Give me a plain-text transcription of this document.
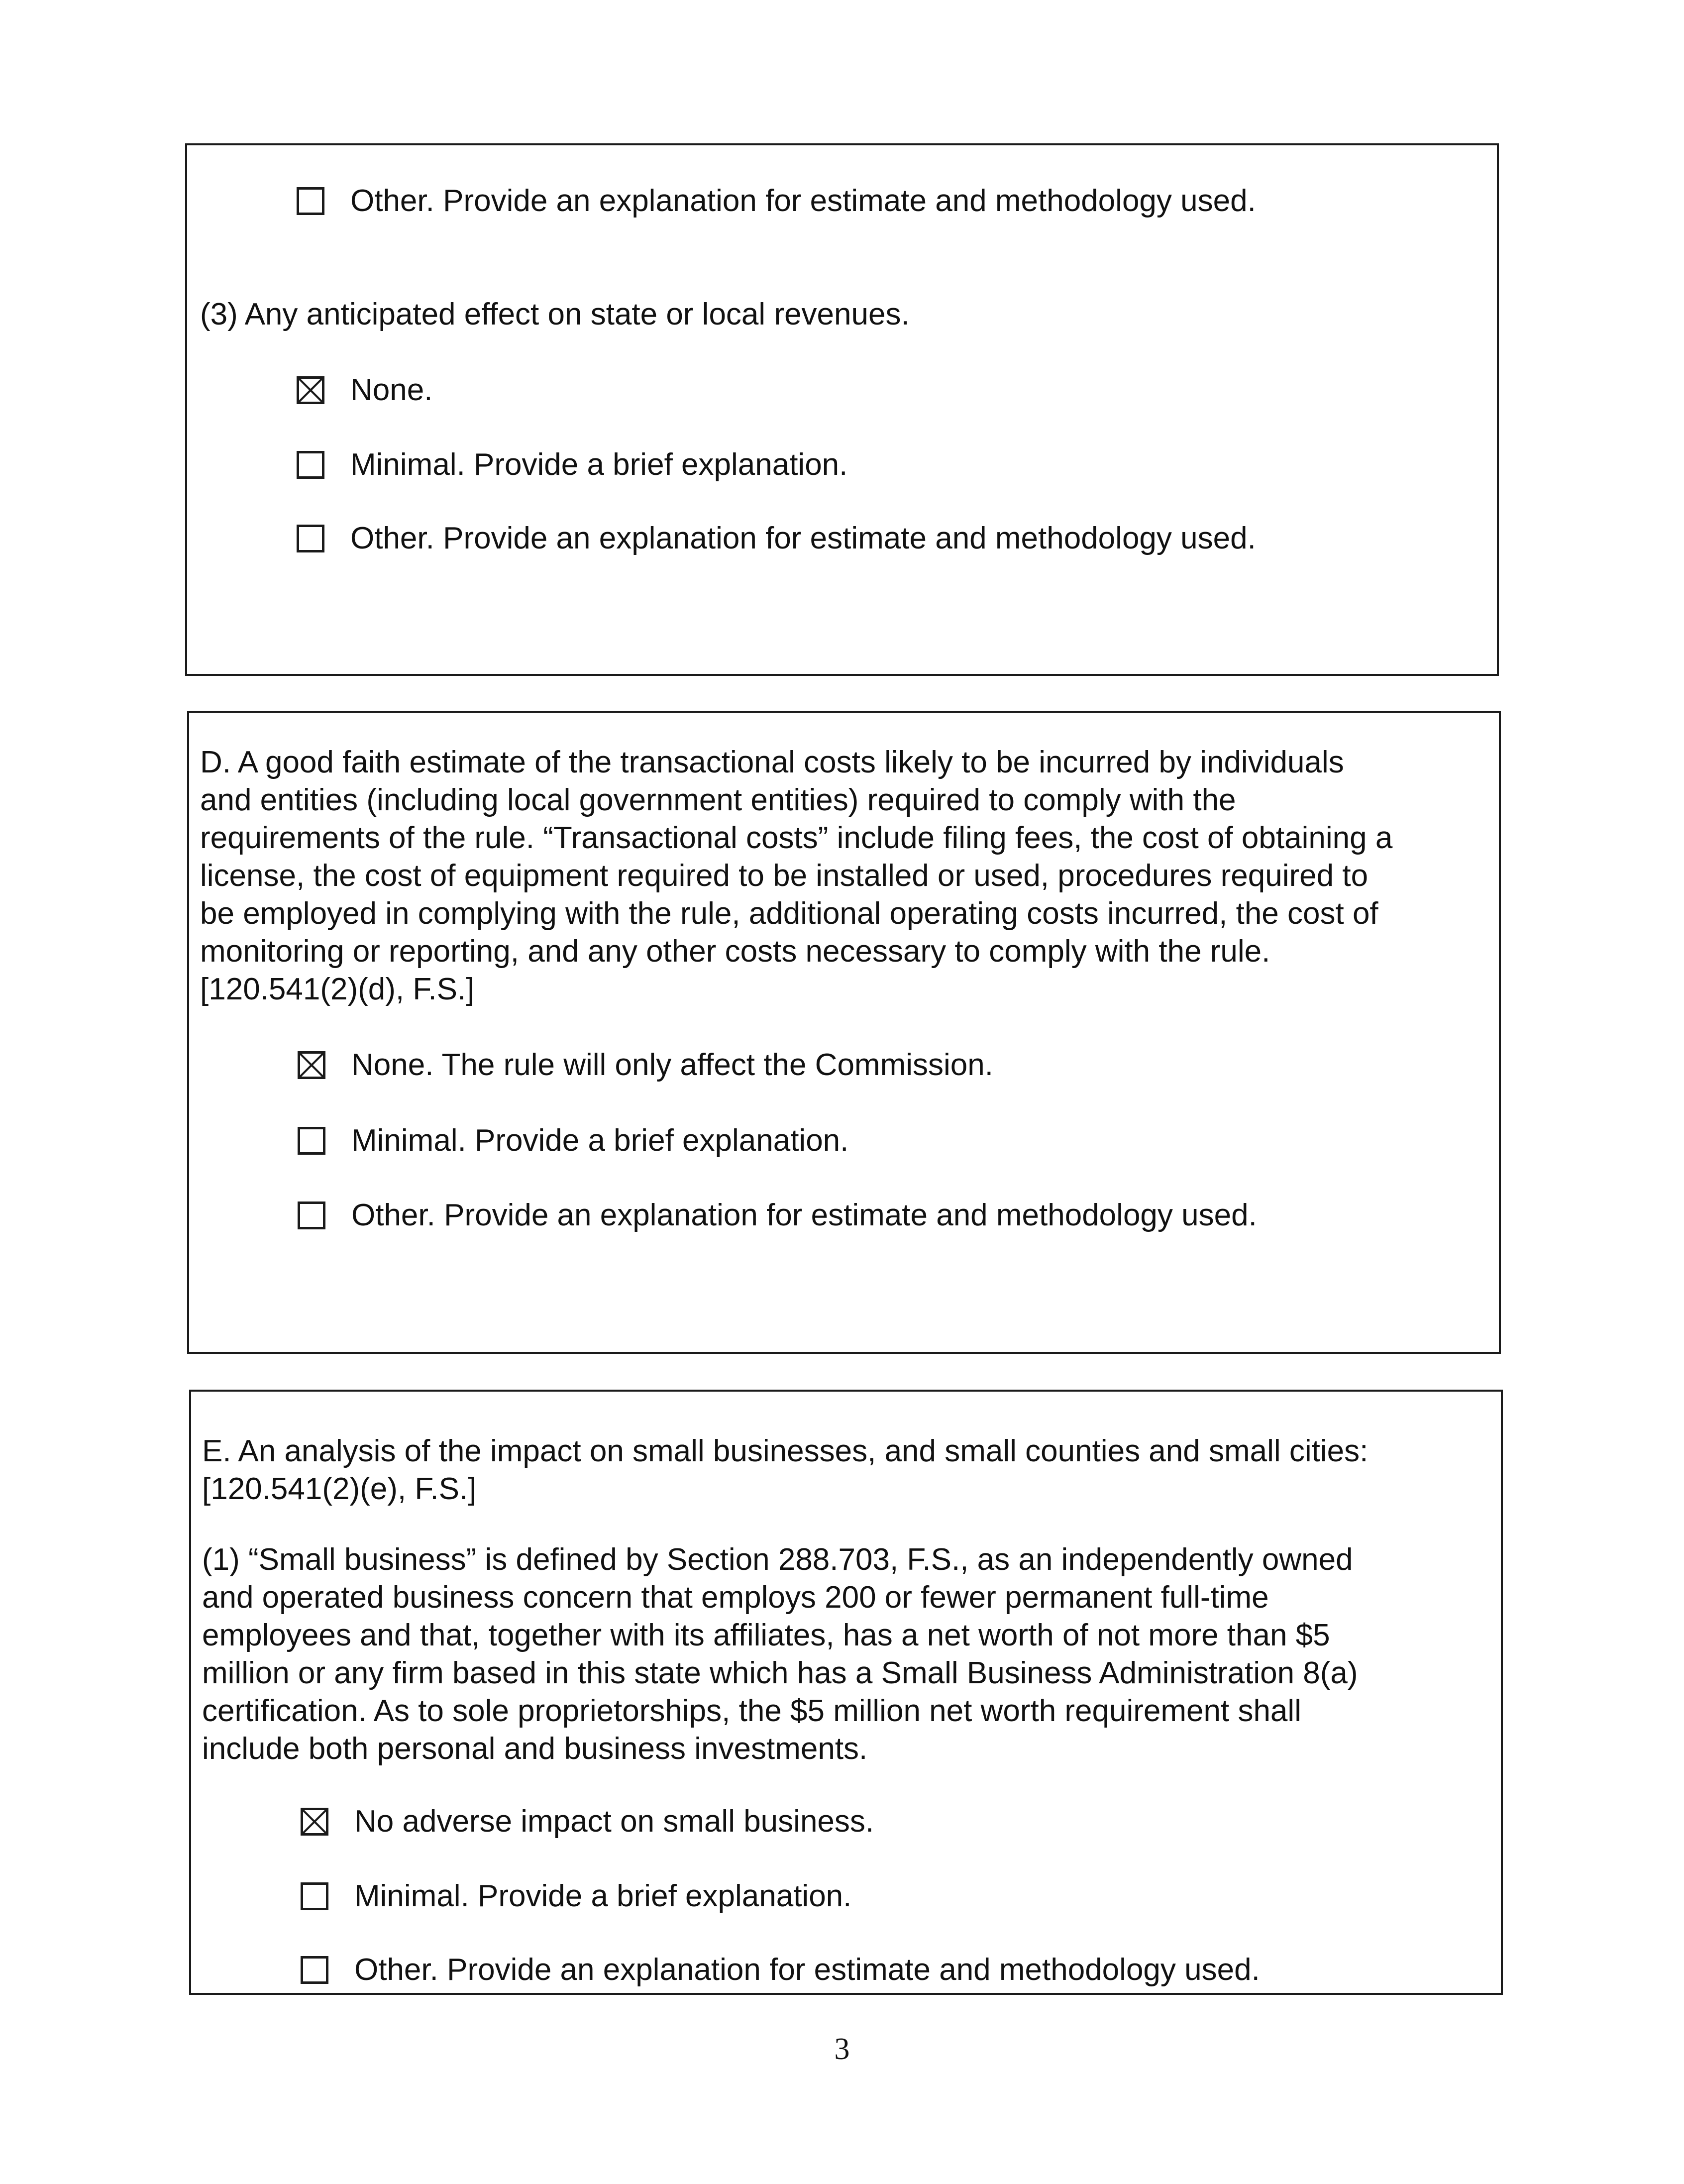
Other. Provide an explanation for estimate and methodology used.

(3) Any anticipated effect on state or local revenues.

None.
Minimal. Provide a brief explanation.
Other. Provide an explanation for estimate and methodology used.
D. A good faith estimate of the transactional costs likely to be incurred by individuals
and entities (including local government entities) required to comply with the
requirements of the rule. “Transactional costs” include filing fees, the cost of obtaining a
license, the cost of equipment required to be installed or used, procedures required to
be employed in complying with the rule, additional operating costs incurred, the cost of
monitoring or reporting, and any other costs necessary to comply with the rule.
[120.541(2)(d), F.S.]
None. The rule will only affect the Commission.
Minimal. Provide a brief explanation.
Other. Provide an explanation for estimate and methodology used.
E. An analysis of the impact on small businesses, and small counties and small cities:
[120.541(2)(e), F.S.]
(1) “Small business” is defined by Section 288.703, F.S., as an independently owned
and operated business concern that employs 200 or fewer permanent full-time
employees and that, together with its affiliates, has a net worth of not more than $5
million or any firm based in this state which has a Small Business Administration 8(a)
certification. As to sole proprietorships, the $5 million net worth requirement shall
include both personal and business investments.
No adverse impact on small business.
Minimal. Provide a brief explanation.
Other. Provide an explanation for estimate and methodology used.
3
